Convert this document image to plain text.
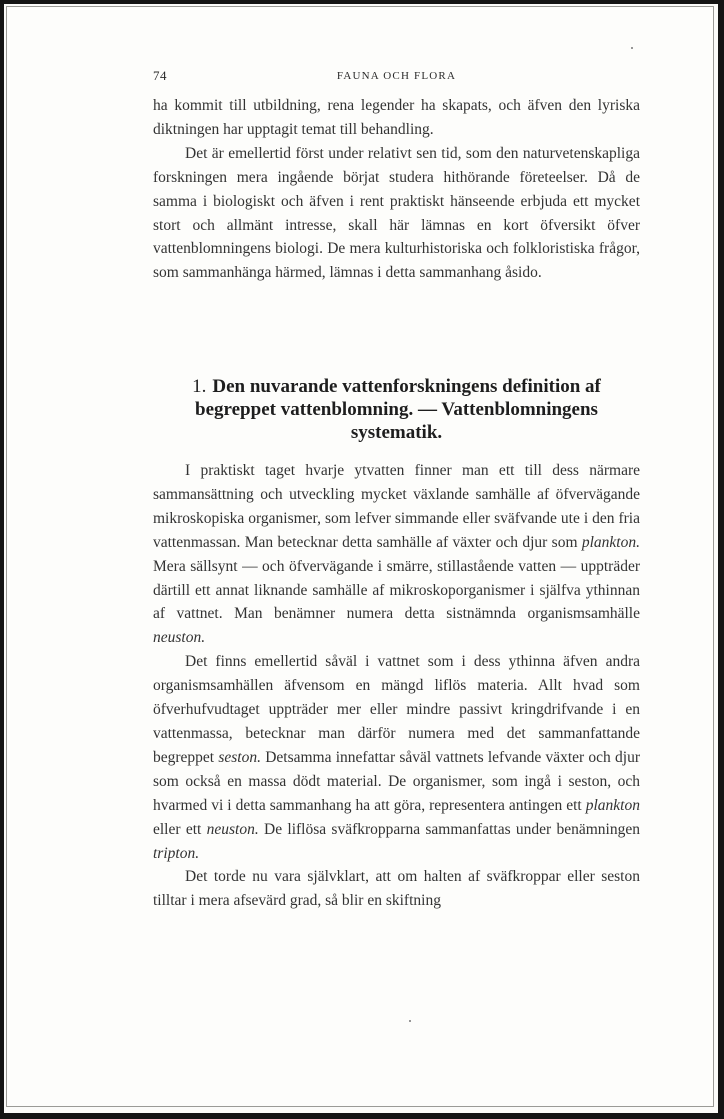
74	FAUNA OCH FLORA

ha kommit till utbildning, rena legender ha skapats, och äfven den lyriska diktningen har upptagit temat till behandling.

Det är emellertid först under relativt sen tid, som den naturvetenskapliga forskningen mera ingående börjat studera hithörande företeelser. Då de samma i biologiskt och äfven i rent praktiskt hänseende erbjuda ett mycket stort och allmänt intresse, skall här lämnas en kort öfversikt öfver vattenblomningens biologi. De mera kulturhistoriska och folkloristiska frågor, som sammanhänga härmed, lämnas i detta sammanhang åsido.

1. Den nuvarande vattenforskningens definition af begreppet vattenblomning. — Vattenblomningens systematik.

I praktiskt taget hvarje ytvatten finner man ett till dess närmare sammansättning och utveckling mycket växlande samhälle af öfvervägande mikroskopiska organismer, som lefver simmande eller sväfvande ute i den fria vattenmassan. Man betecknar detta samhälle af växter och djur som plankton. Mera sällsynt — och öfvervägande i smärre, stillastående vatten — uppträder därtill ett annat liknande samhälle af mikroskoporganismer i själfva ythinnan af vattnet. Man benämner numera detta sistnämnda organismsamhälle neuston.

Det finns emellertid såväl i vattnet som i dess ythinna äfven andra organismsamhällen äfvensom en mängd liflös materia. Allt hvad som öfverhufvudtaget uppträder mer eller mindre passivt kringdrifvande i en vattenmassa, betecknar man därför numera med det sammanfattande begreppet seston. Detsamma innefattar såväl vattnets lefvande växter och djur som också en massa dödt material. De organismer, som ingå i seston, och hvarmed vi i detta sammanhang ha att göra, representera antingen ett plankton eller ett neuston. De liflösa sväfkropparna sammanfattas under benämningen tripton.

Det torde nu vara självklart, att om halten af sväfkroppar eller seston tilltar i mera afsevärd grad, så blir en skiftning
